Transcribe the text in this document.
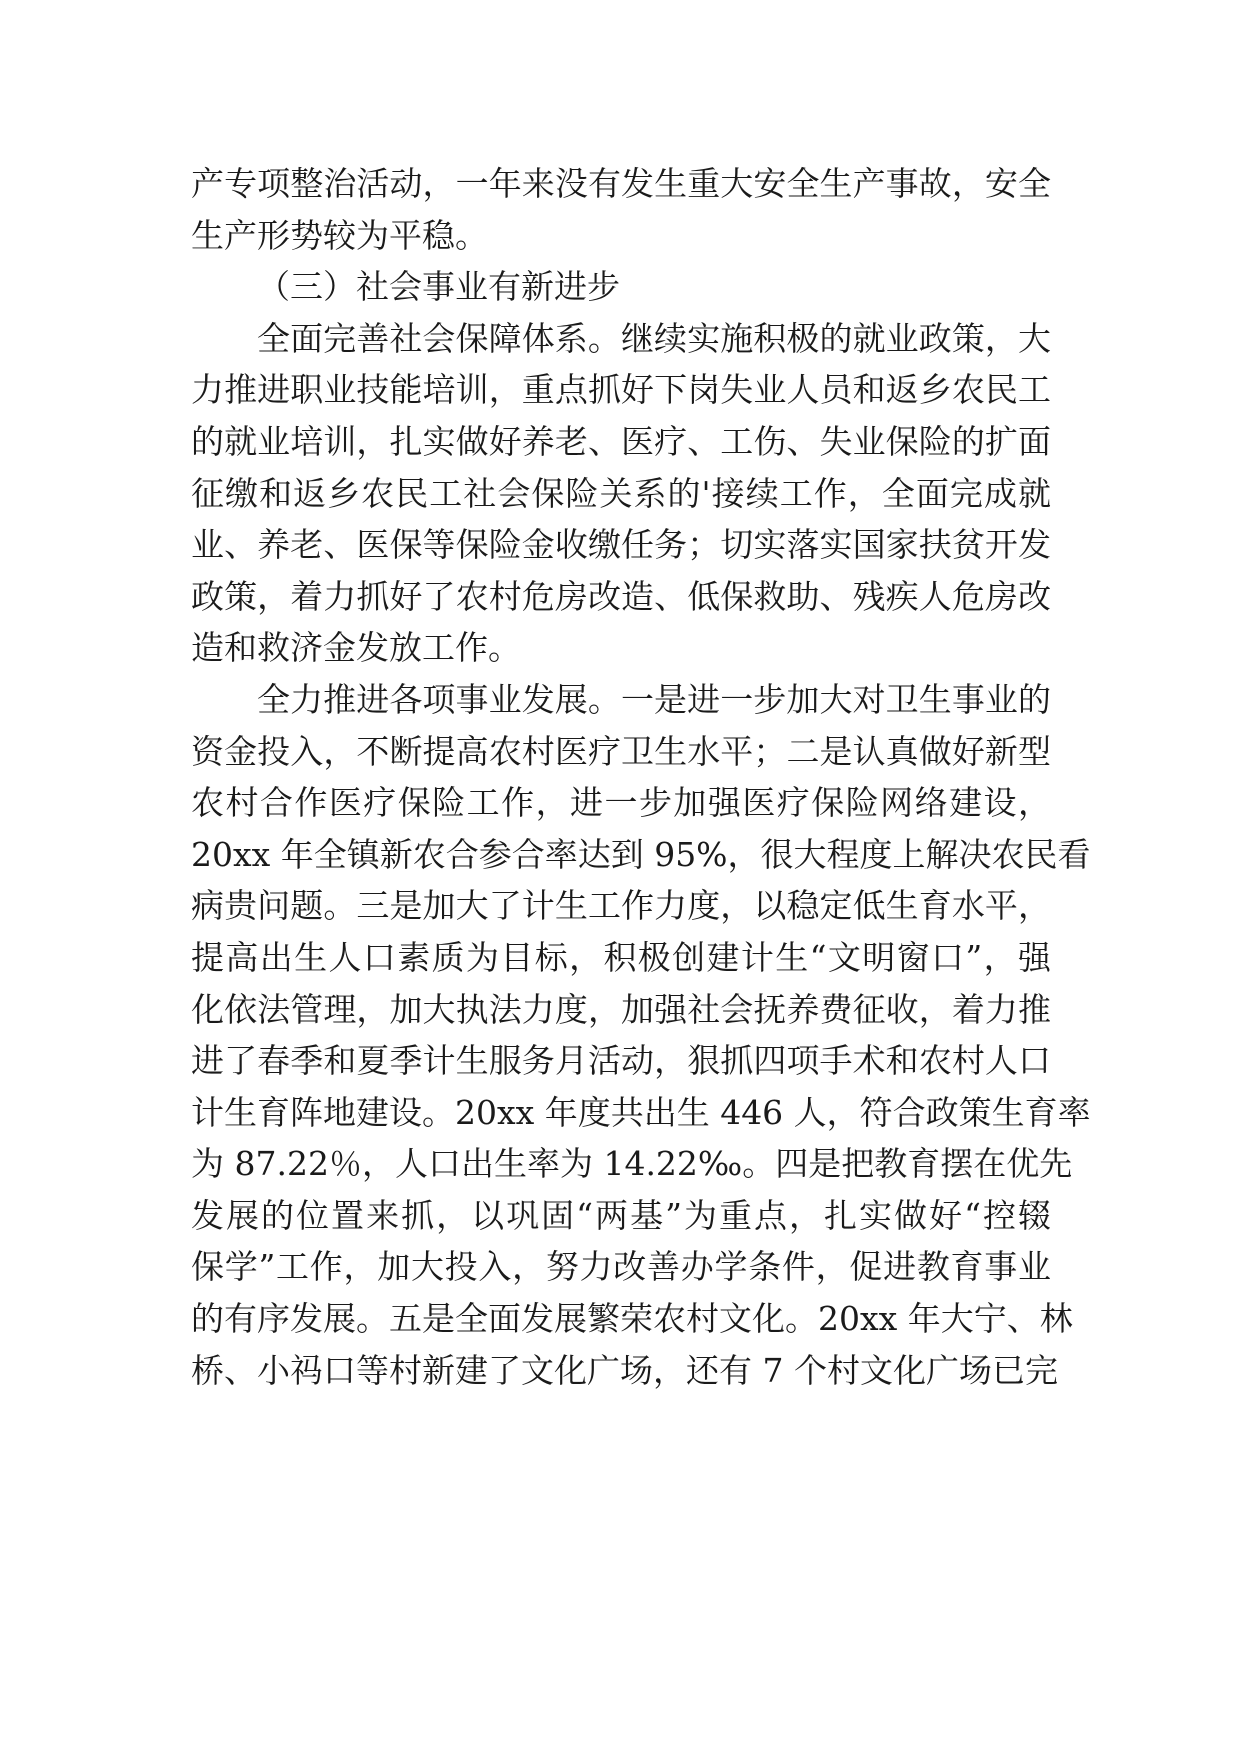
产专项整治活动，一年来没有发生重大安全生产事故，安全
生产形势较为平稳。
（三）社会事业有新进步
全面完善社会保障体系。继续实施积极的就业政策，大
力推进职业技能培训，重点抓好下岗失业人员和返乡农民工
的就业培训，扎实做好养老、医疗、工伤、失业保险的扩面
征缴和返乡农民工社会保险关系的'接续工作，全面完成就
业、养老、医保等保险金收缴任务；切实落实国家扶贫开发
政策，着力抓好了农村危房改造、低保救助、残疾人危房改
造和救济金发放工作。
全力推进各项事业发展。一是进一步加大对卫生事业的
资金投入，不断提高农村医疗卫生水平；二是认真做好新型
农村合作医疗保险工作，进一步加强医疗保险网络建设，
20xx 年全镇新农合参合率达到 95%，很大程度上解决农民看
病贵问题。三是加大了计生工作力度，以稳定低生育水平，
提高出生人口素质为目标，积极创建计生“文明窗口”，强
化依法管理，加大执法力度，加强社会抚养费征收，着力推
进了春季和夏季计生服务月活动，狠抓四项手术和农村人口
计生育阵地建设。20xx 年度共出生 446 人，符合政策生育率
为 87.22％，人口出生率为 14.22‰。四是把教育摆在优先
发展的位置来抓，以巩固“两基”为重点，扎实做好“控辍
保学”工作，加大投入，努力改善办学条件，促进教育事业
的有序发展。五是全面发展繁荣农村文化。20xx 年大宁、林
桥、小祃口等村新建了文化广场，还有 7 个村文化广场已完
